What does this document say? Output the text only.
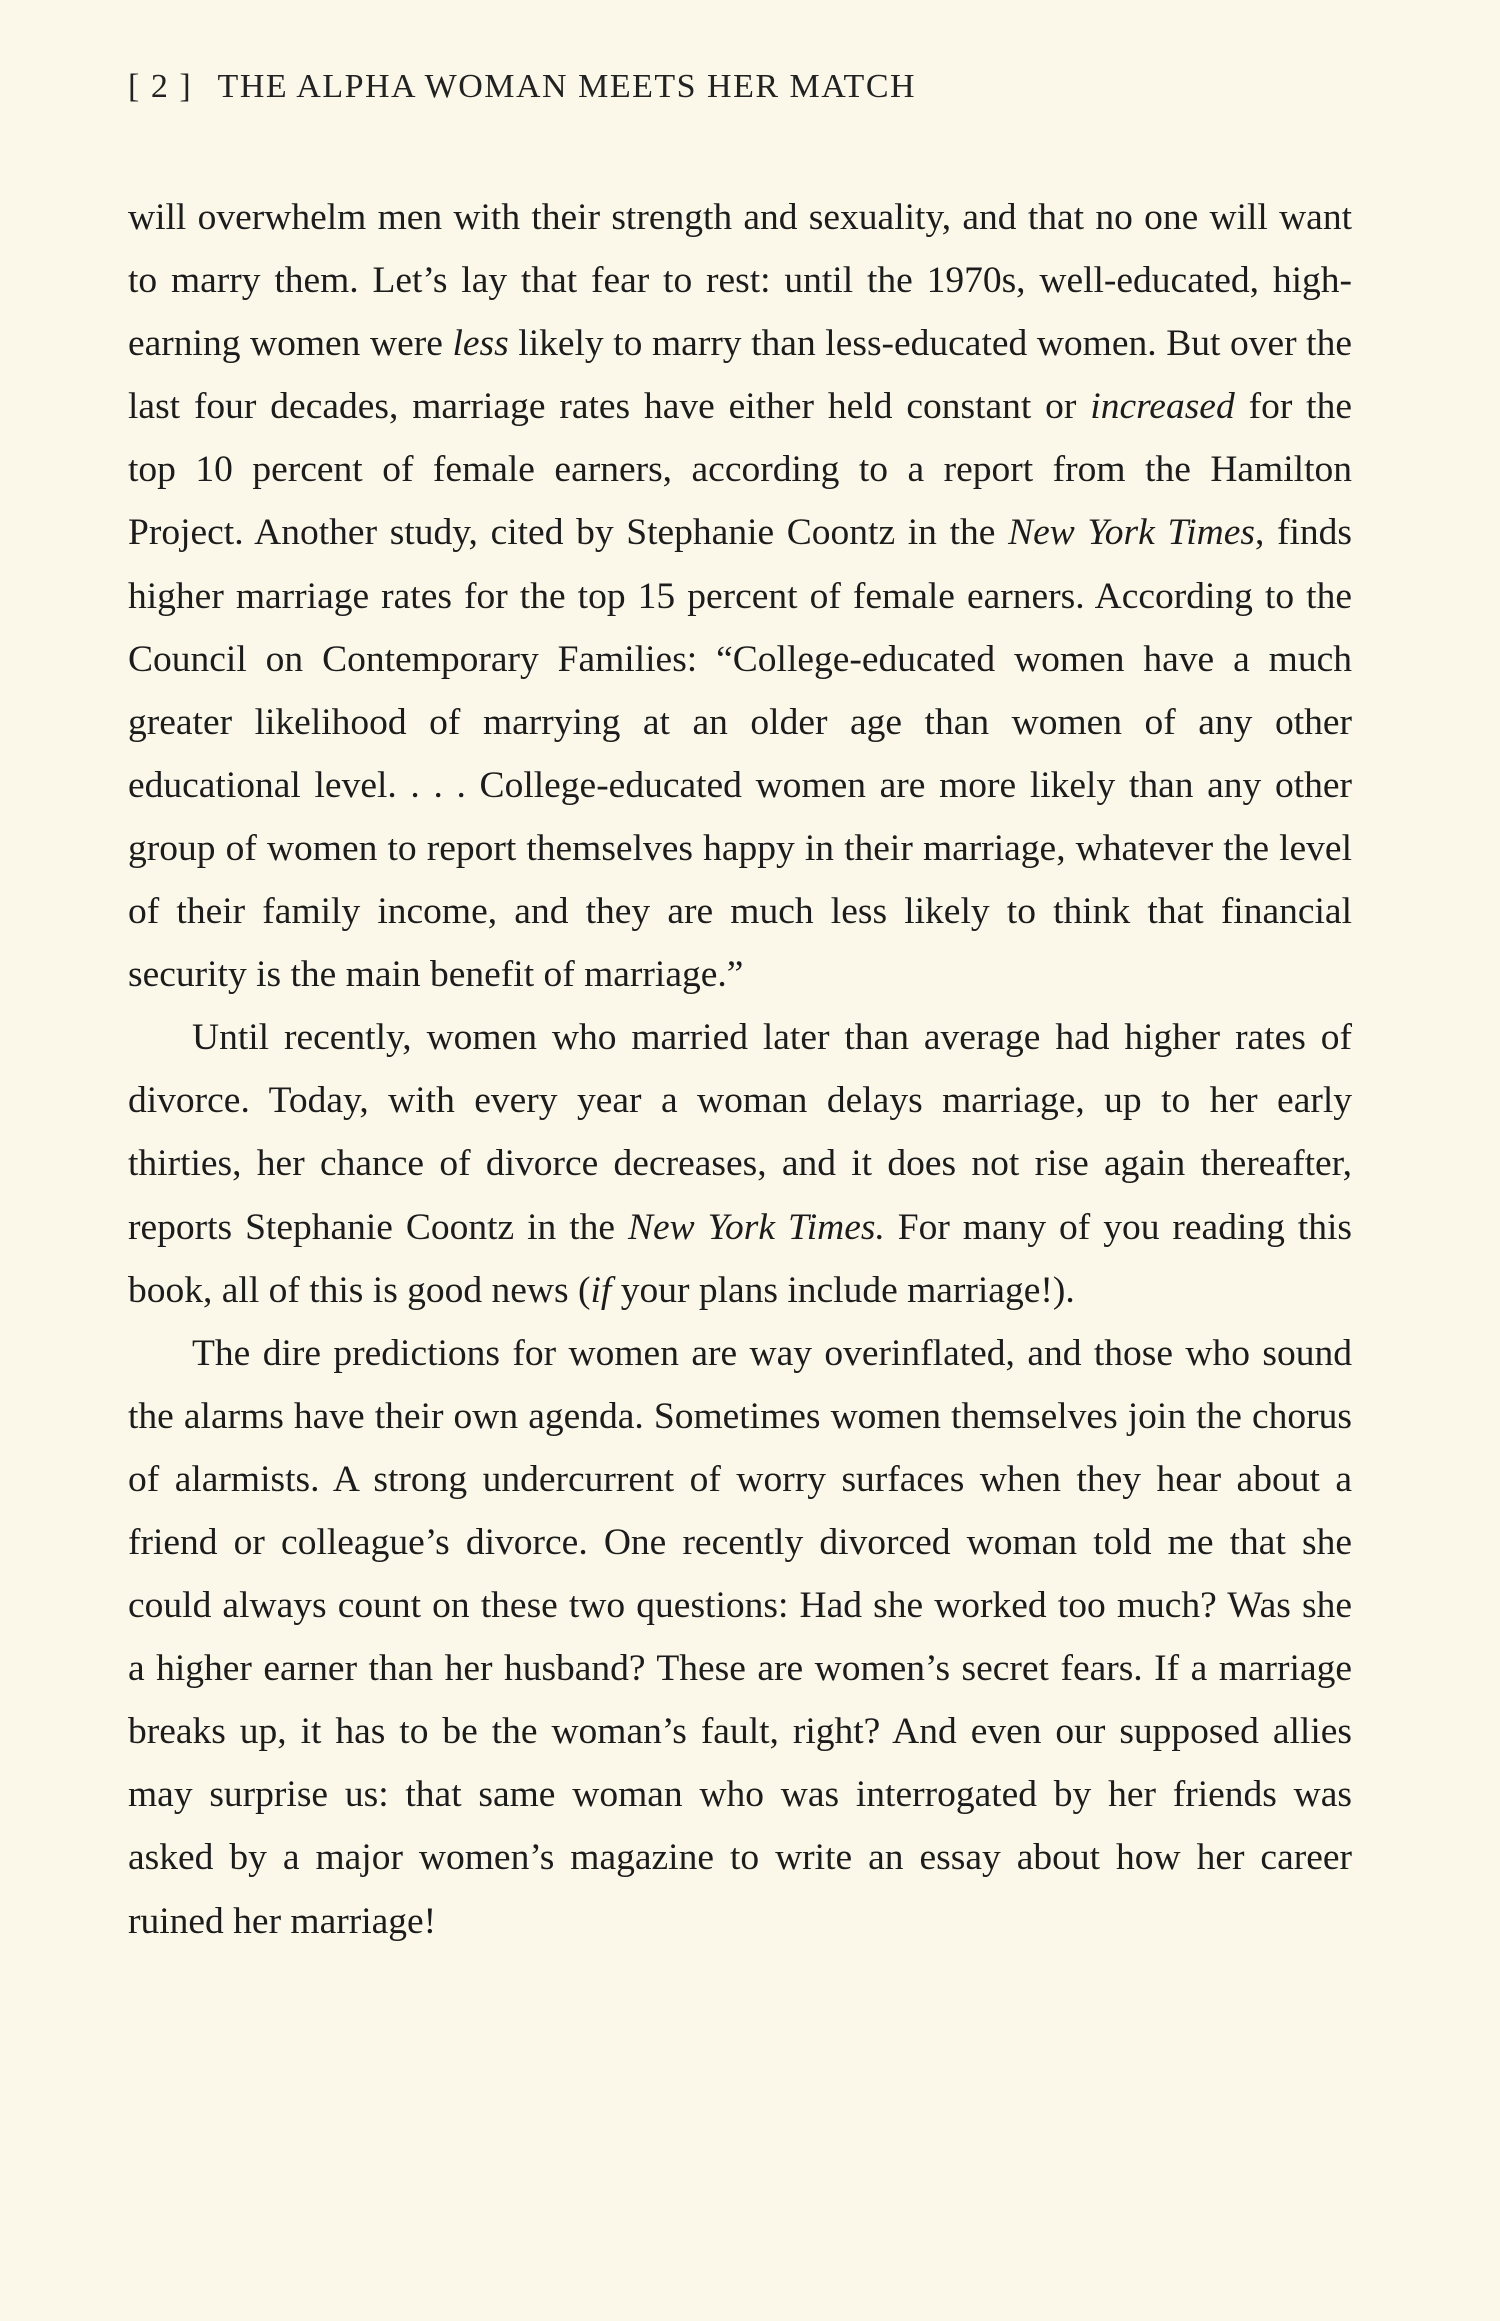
[ 2 ] THE ALPHA WOMAN MEETS HER MATCH

will overwhelm men with their strength and sexuality, and that no one will want to marry them. Let’s lay that fear to rest: until the 1970s, well-educated, high-earning women were less likely to marry than less-educated women. But over the last four decades, marriage rates have either held constant or increased for the top 10 percent of female earners, according to a report from the Hamilton Project. Another study, cited by Stephanie Coontz in the New York Times, finds higher marriage rates for the top 15 percent of female earners. According to the Council on Contemporary Families: “College-educated women have a much greater likelihood of marrying at an older age than women of any other educational level. . . . College-educated women are more likely than any other group of women to report themselves happy in their marriage, whatever the level of their family income, and they are much less likely to think that financial security is the main benefit of marriage.”

Until recently, women who married later than average had higher rates of divorce. Today, with every year a woman delays marriage, up to her early thirties, her chance of divorce decreases, and it does not rise again thereafter, reports Stephanie Coontz in the New York Times. For many of you reading this book, all of this is good news (if your plans include marriage!).

The dire predictions for women are way overinflated, and those who sound the alarms have their own agenda. Sometimes women themselves join the chorus of alarmists. A strong undercurrent of worry surfaces when they hear about a friend or colleague’s divorce. One recently divorced woman told me that she could always count on these two questions: Had she worked too much? Was she a higher earner than her husband? These are women’s secret fears. If a marriage breaks up, it has to be the woman’s fault, right? And even our supposed allies may surprise us: that same woman who was interrogated by her friends was asked by a major women’s magazine to write an essay about how her career ruined her marriage!
